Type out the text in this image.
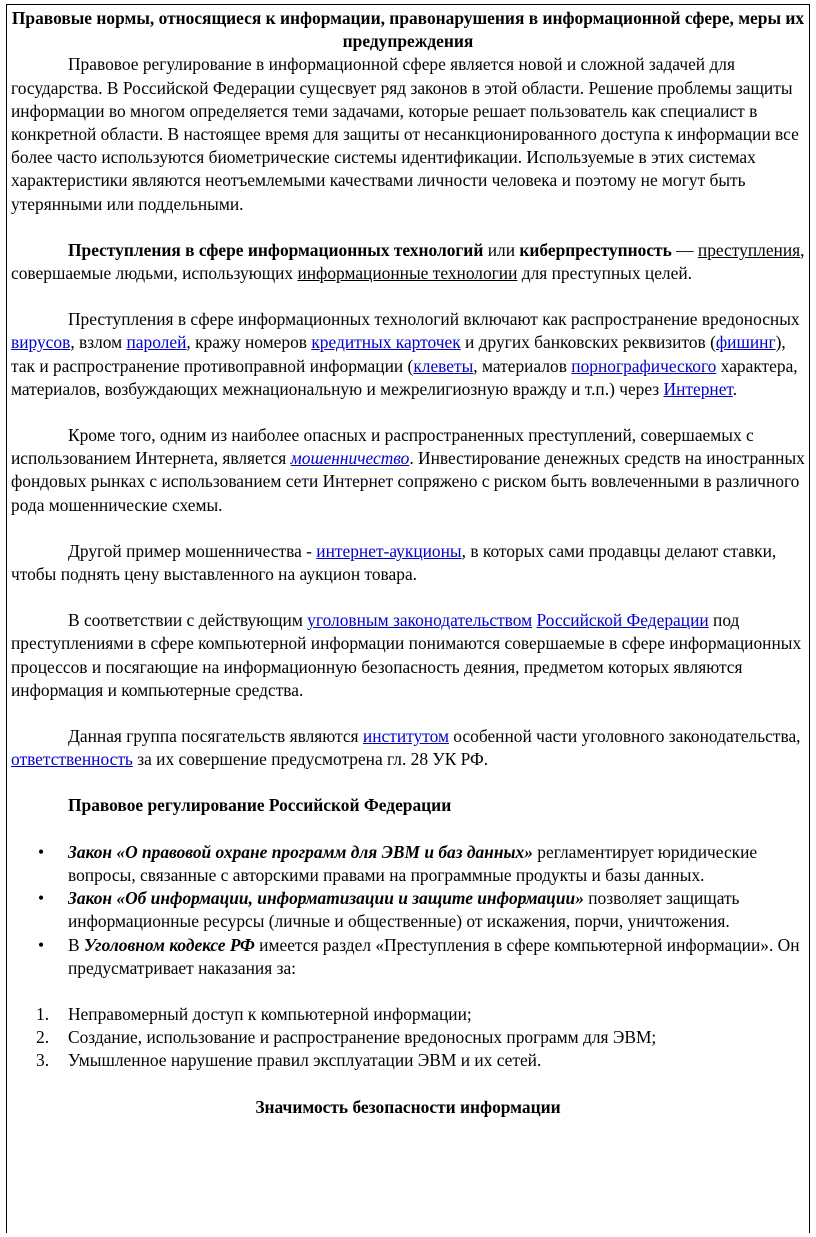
Правовые нормы, относящиеся к информации, правонарушения в информационной сфере, меры их предупреждения

Правовое регулирование в информационной сфере является новой и сложной задачей для государства. В Российской Федерации сущесвует ряд законов в этой области. Решение проблемы защиты информации во многом определяется теми задачами, которые решает пользователь как специалист в конкретной области. В настоящее время для защиты от несанкционированного доступа к информации все более часто используются биометрические системы идентификации. Используемые в этих системах характеристики являются неотъемлемыми качествами личности человека и поэтому не могут быть утерянными или поддельными.

Преступления в сфере информационных технологий или киберпреступность — преступления, совершаемые людьми, использующих информационные технологии для преступных целей.

Преступления в сфере информационных технологий включают как распространение вредоносных вирусов, взлом паролей, кражу номеров кредитных карточек и других банковских реквизитов (фишинг), так и распространение противоправной информации (клеветы, материалов порнографического характера, материалов, возбуждающих межнациональную и межрелигиозную вражду и т.п.) через Интернет.

Кроме того, одним из наиболее опасных и распространенных преступлений, совершаемых с использованием Интернета, является мошенничество. Инвестирование денежных средств на иностранных фондовых рынках с использованием сети Интернет сопряжено с риском быть вовлеченными в различного рода мошеннические схемы.

Другой пример мошенничества - интернет-аукционы, в которых сами продавцы делают ставки, чтобы поднять цену выставленного на аукцион товара.

В соответствии с действующим уголовным законодательством Российской Федерации под преступлениями в сфере компьютерной информации понимаются совершаемые в сфере информационных процессов и посягающие на информационную безопасность деяния, предметом которых являются информация и компьютерные средства.

Данная группа посягательств являются институтом особенной части уголовного законодательства, ответственность за их совершение предусмотрена гл. 28 УК РФ.

Правовое регулирование Российской Федерации

• Закон «О правовой охране программ для ЭВМ и баз данных» регламентирует юридические вопросы, связанные с авторскими правами на программные продукты и базы данных.
• Закон «Об информации, информатизации и защите информации» позволяет защищать информационные ресурсы (личные и общественные) от искажения, порчи, уничтожения.
• В Уголовном кодексе РФ имеется раздел «Преступления в сфере компьютерной информации». Он предусматривает наказания за:
1. Неправомерный доступ к компьютерной информации;
2. Создание, использование и распространение вредоносных программ для ЭВМ;
3. Умышленное нарушение правил эксплуатации ЭВМ и их сетей.

Значимость безопасности информации
